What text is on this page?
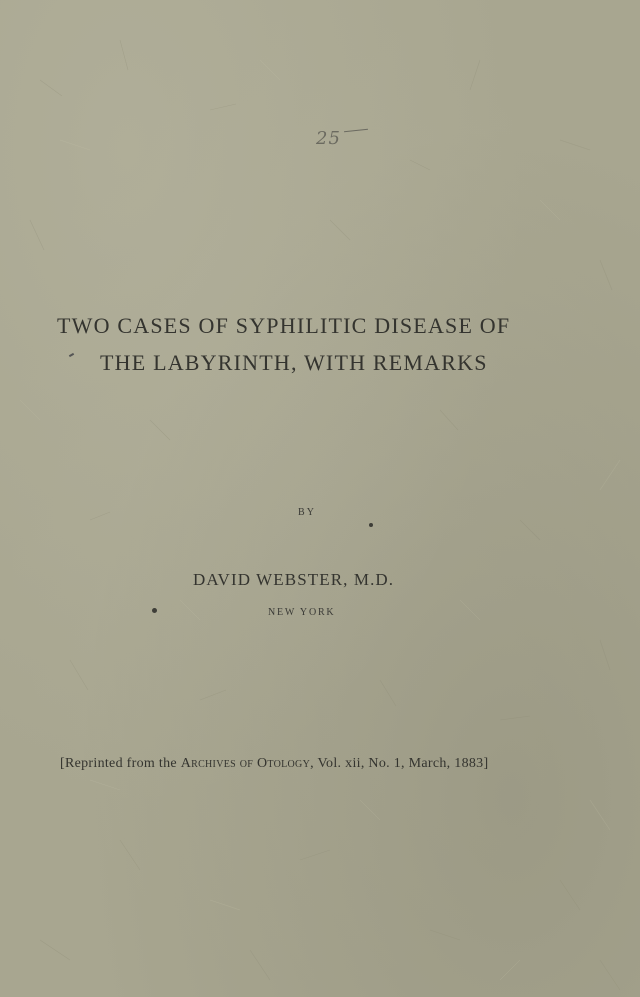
25
TWO CASES OF SYPHILITIC DISEASE OF
THE LABYRINTH, WITH REMARKS
BY
DAVID WEBSTER, M.D.
NEW YORK
[Reprinted from the Archives of Otology, Vol. xii, No. 1, March, 1883]
